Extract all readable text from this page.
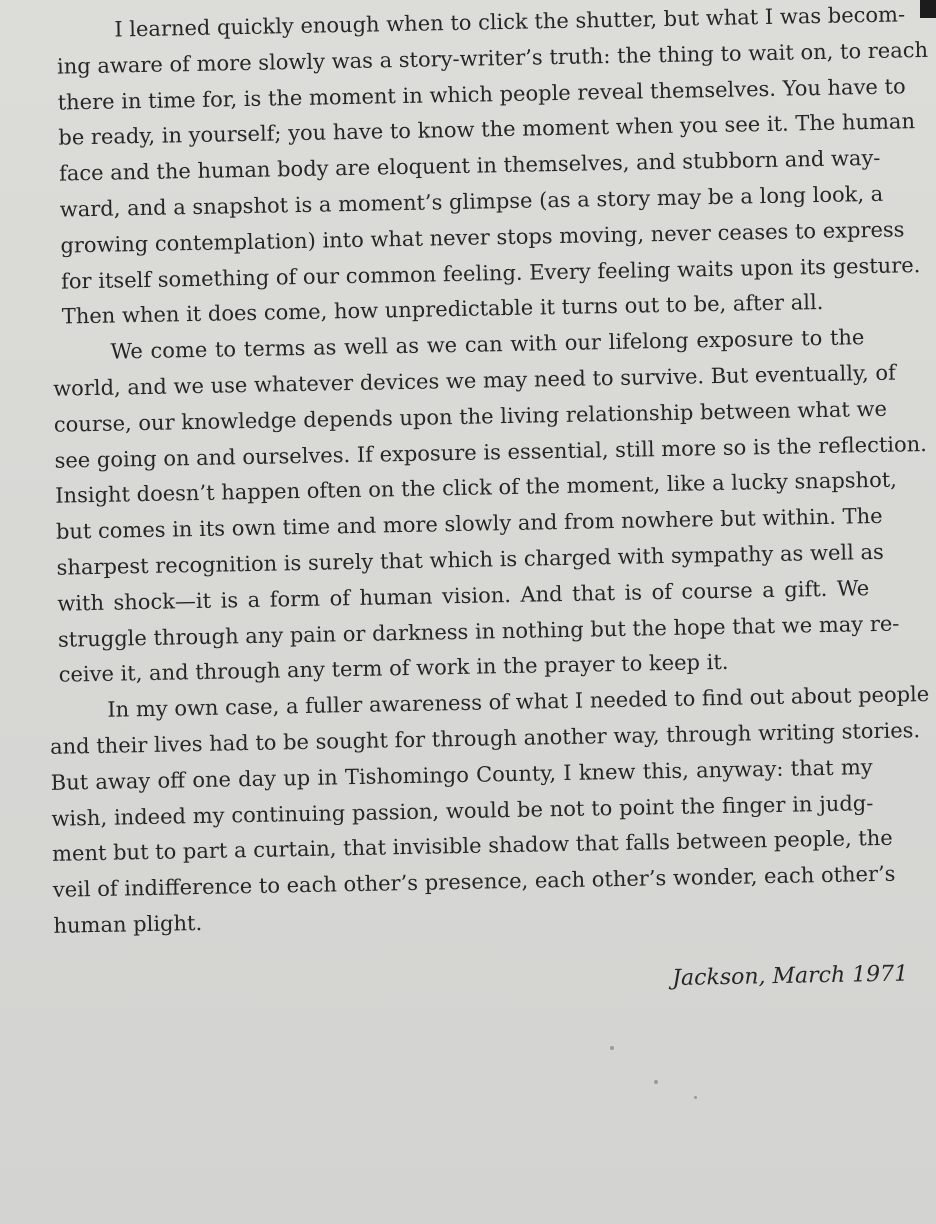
I learned quickly enough when to click the shutter, but what I was becom-
ing aware of more slowly was a story-writer’s truth: the thing to wait on, to reach
there in time for, is the moment in which people reveal themselves. You have to
be ready, in yourself; you have to know the moment when you see it. The human
face and the human body are eloquent in themselves, and stubborn and way-
ward, and a snapshot is a moment’s glimpse (as a story may be a long look, a
growing contemplation) into what never stops moving, never ceases to express
for itself something of our common feeling. Every feeling waits upon its gesture.
Then when it does come, how unpredictable it turns out to be, after all.
We come to terms as well as we can with our lifelong exposure to the
world, and we use whatever devices we may need to survive. But eventually, of
course, our knowledge depends upon the living relationship between what we
see going on and ourselves. If exposure is essential, still more so is the reflection.
Insight doesn’t happen often on the click of the moment, like a lucky snapshot,
but comes in its own time and more slowly and from nowhere but within. The
sharpest recognition is surely that which is charged with sympathy as well as
with shock—it is a form of human vision. And that is of course a gift. We
struggle through any pain or darkness in nothing but the hope that we may re-
ceive it, and through any term of work in the prayer to keep it.
In my own case, a fuller awareness of what I needed to find out about people
and their lives had to be sought for through another way, through writing stories.
But away off one day up in Tishomingo County, I knew this, anyway: that my
wish, indeed my continuing passion, would be not to point the finger in judg-
ment but to part a curtain, that invisible shadow that falls between people, the
veil of indifference to each other’s presence, each other’s wonder, each other’s
human plight.
Jackson, March 1971
